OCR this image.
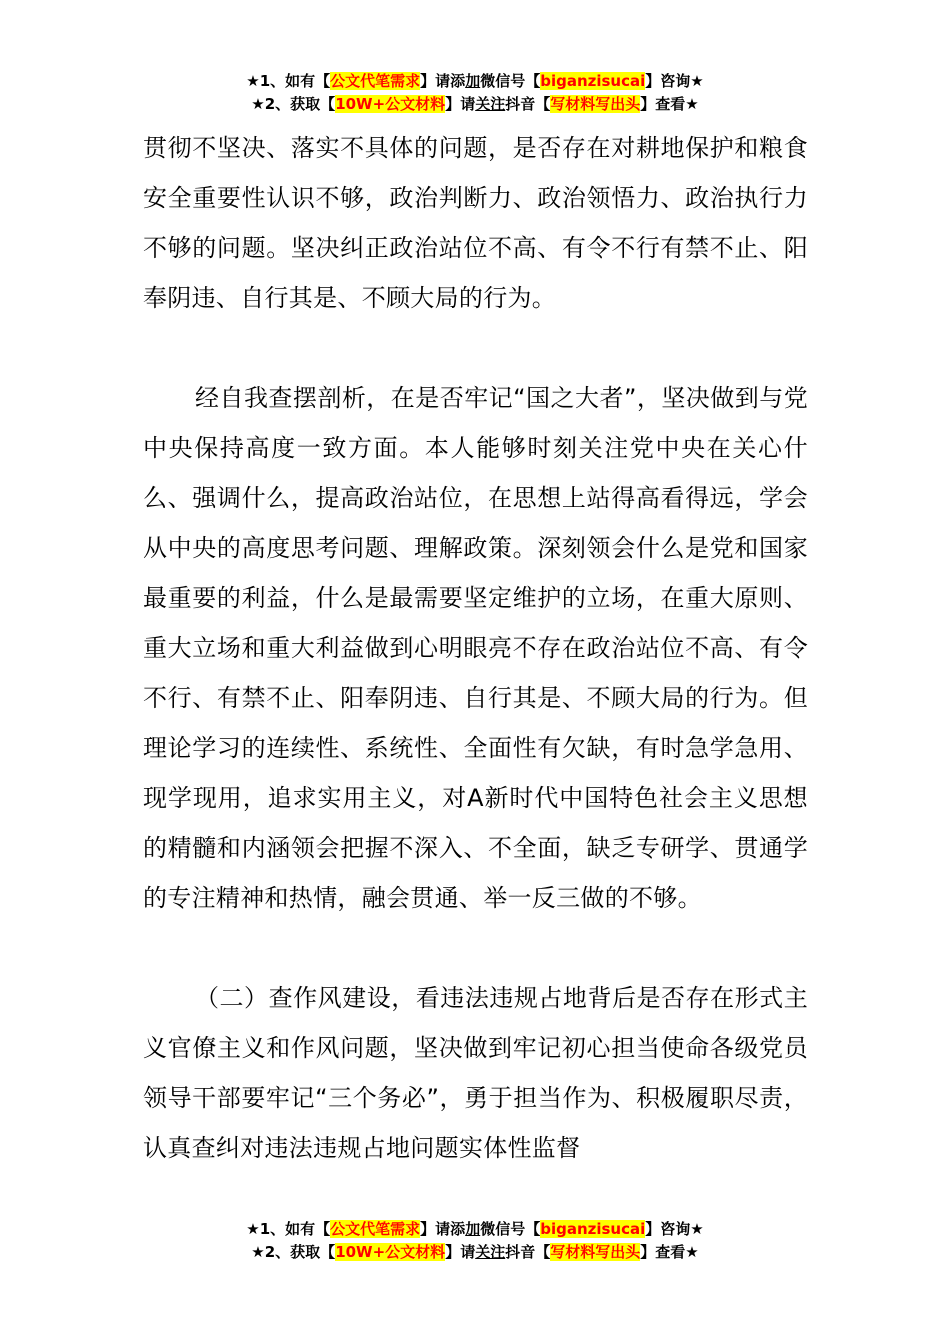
★1、如有【公文代笔需求】请添加微信号【biganzisucai】咨询★
★2、获取【10W+公文材料】请关注抖音【写材料写出头】查看★

贯彻不坚决、落实不具体的问题，是否存在对耕地保护和粮食安全重要性认识不够，政治判断力、政治领悟力、政治执行力不够的问题。坚决纠正政治站位不高、有令不行有禁不止、阳奉阴违、自行其是、不顾大局的行为。

经自我查摆剖析，在是否牢记“国之大者”，坚决做到与党中央保持高度一致方面。本人能够时刻关注党中央在关心什么、强调什么，提高政治站位，在思想上站得高看得远，学会从中央的高度思考问题、理解政策。深刻领会什么是党和国家最重要的利益，什么是最需要坚定维护的立场，在重大原则、重大立场和重大利益做到心明眼亮不存在政治站位不高、有令不行、有禁不止、阳奉阴违、自行其是、不顾大局的行为。但理论学习的连续性、系统性、全面性有欠缺，有时急学急用、现学现用，追求实用主义，对A新时代中国特色社会主义思想的精髓和内涵领会把握不深入、不全面，缺乏专研学、贯通学的专注精神和热情，融会贯通、举一反三做的不够。

（二）查作风建设，看违法违规占地背后是否存在形式主义官僚主义和作风问题，坚决做到牢记初心担当使命各级党员领导干部要牢记“三个务必”，勇于担当作为、积极履职尽责，认真查纠对违法违规占地问题实体性监督

★1、如有【公文代笔需求】请添加微信号【biganzisucai】咨询★
★2、获取【10W+公文材料】请关注抖音【写材料写出头】查看★
